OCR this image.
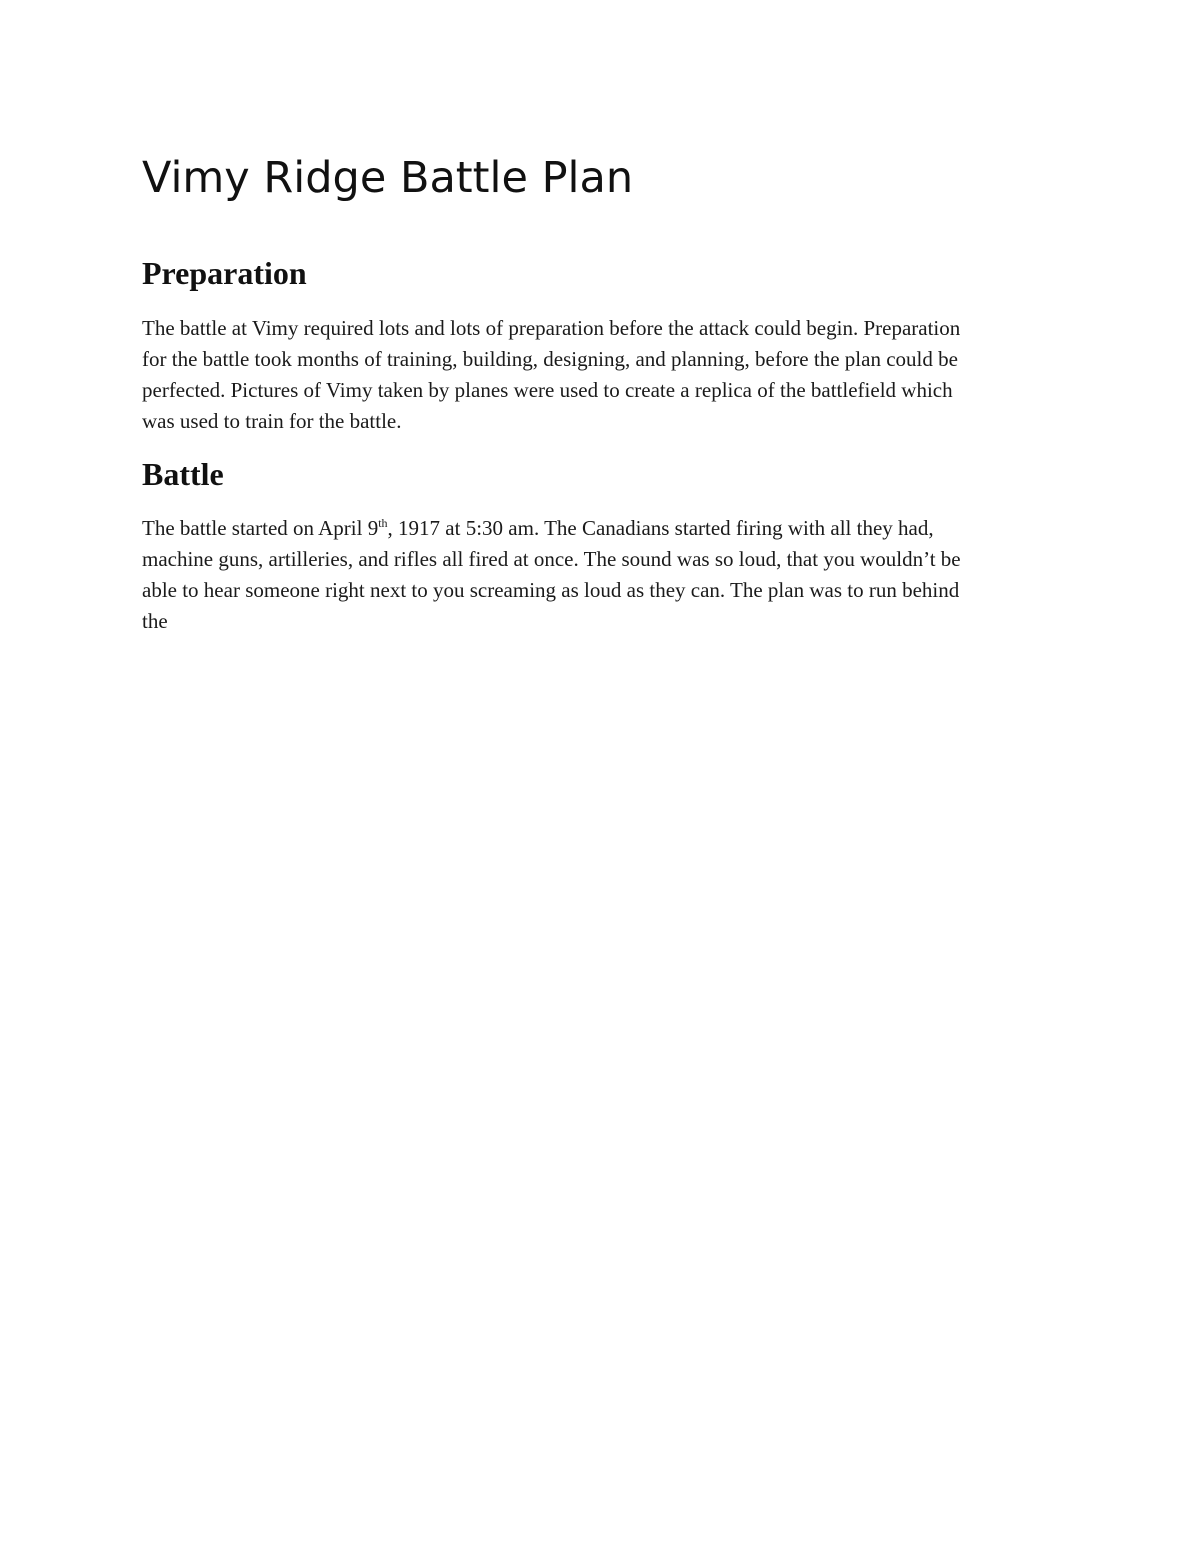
Vimy Ridge Battle Plan
Preparation
The battle at Vimy required lots and lots of preparation before the attack could begin. Preparation
for the battle took months of training, building, designing, and planning, before the plan could be
perfected. Pictures of Vimy taken by planes were used to create a replica of the battlefield which
was used to train for the battle.
Battle
The battle started on April 9th, 1917 at 5:30 am. The Canadians started firing with all they had,
machine guns, artilleries, and rifles all fired at once. The sound was so loud, that you wouldn’t be
able to hear someone right next to you screaming as loud as they can. The plan was to run behind
the
